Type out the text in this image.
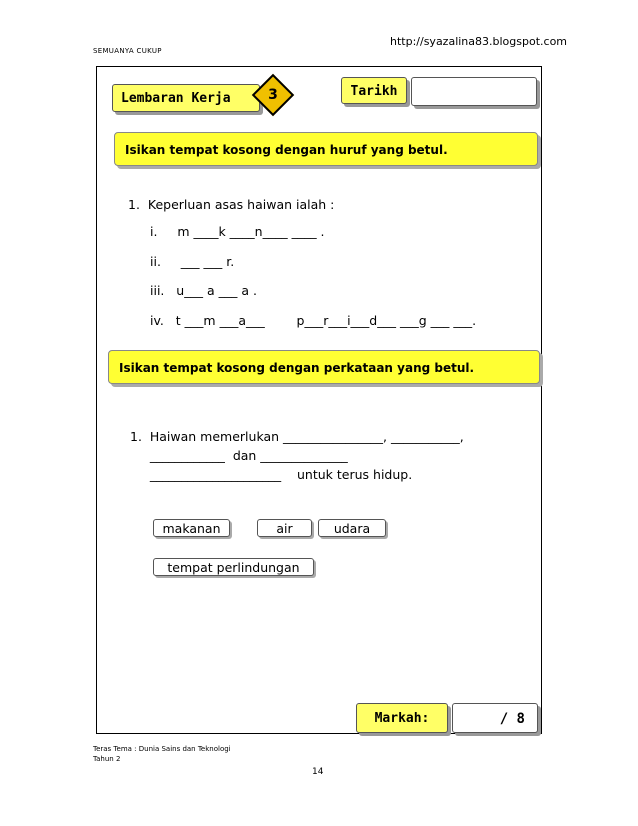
http://syazalina83.blogspot.com
SEMUANYA CUKUP
Lembaran Kerja	3	Tarikh
Isikan tempat kosong dengan huruf yang betul.
1.  Keperluan asas haiwan ialah :
i.     m ____k ____n____ ____ .
ii.     ___ ___ r.
iii.   u___ a ___ a .
iv.   t ___m ___a___        p___r___i___d___ ___g ___ ___.
Isikan tempat kosong dengan perkataan yang betul.
1.  Haiwan memerlukan ________________, ___________,
____________  dan ______________
_____________________    untuk terus hidup.
makanan	air	udara
tempat perlindungan
Markah:	/ 8
Teras Tema : Dunia Sains dan Teknologi
Tahun 2
14
